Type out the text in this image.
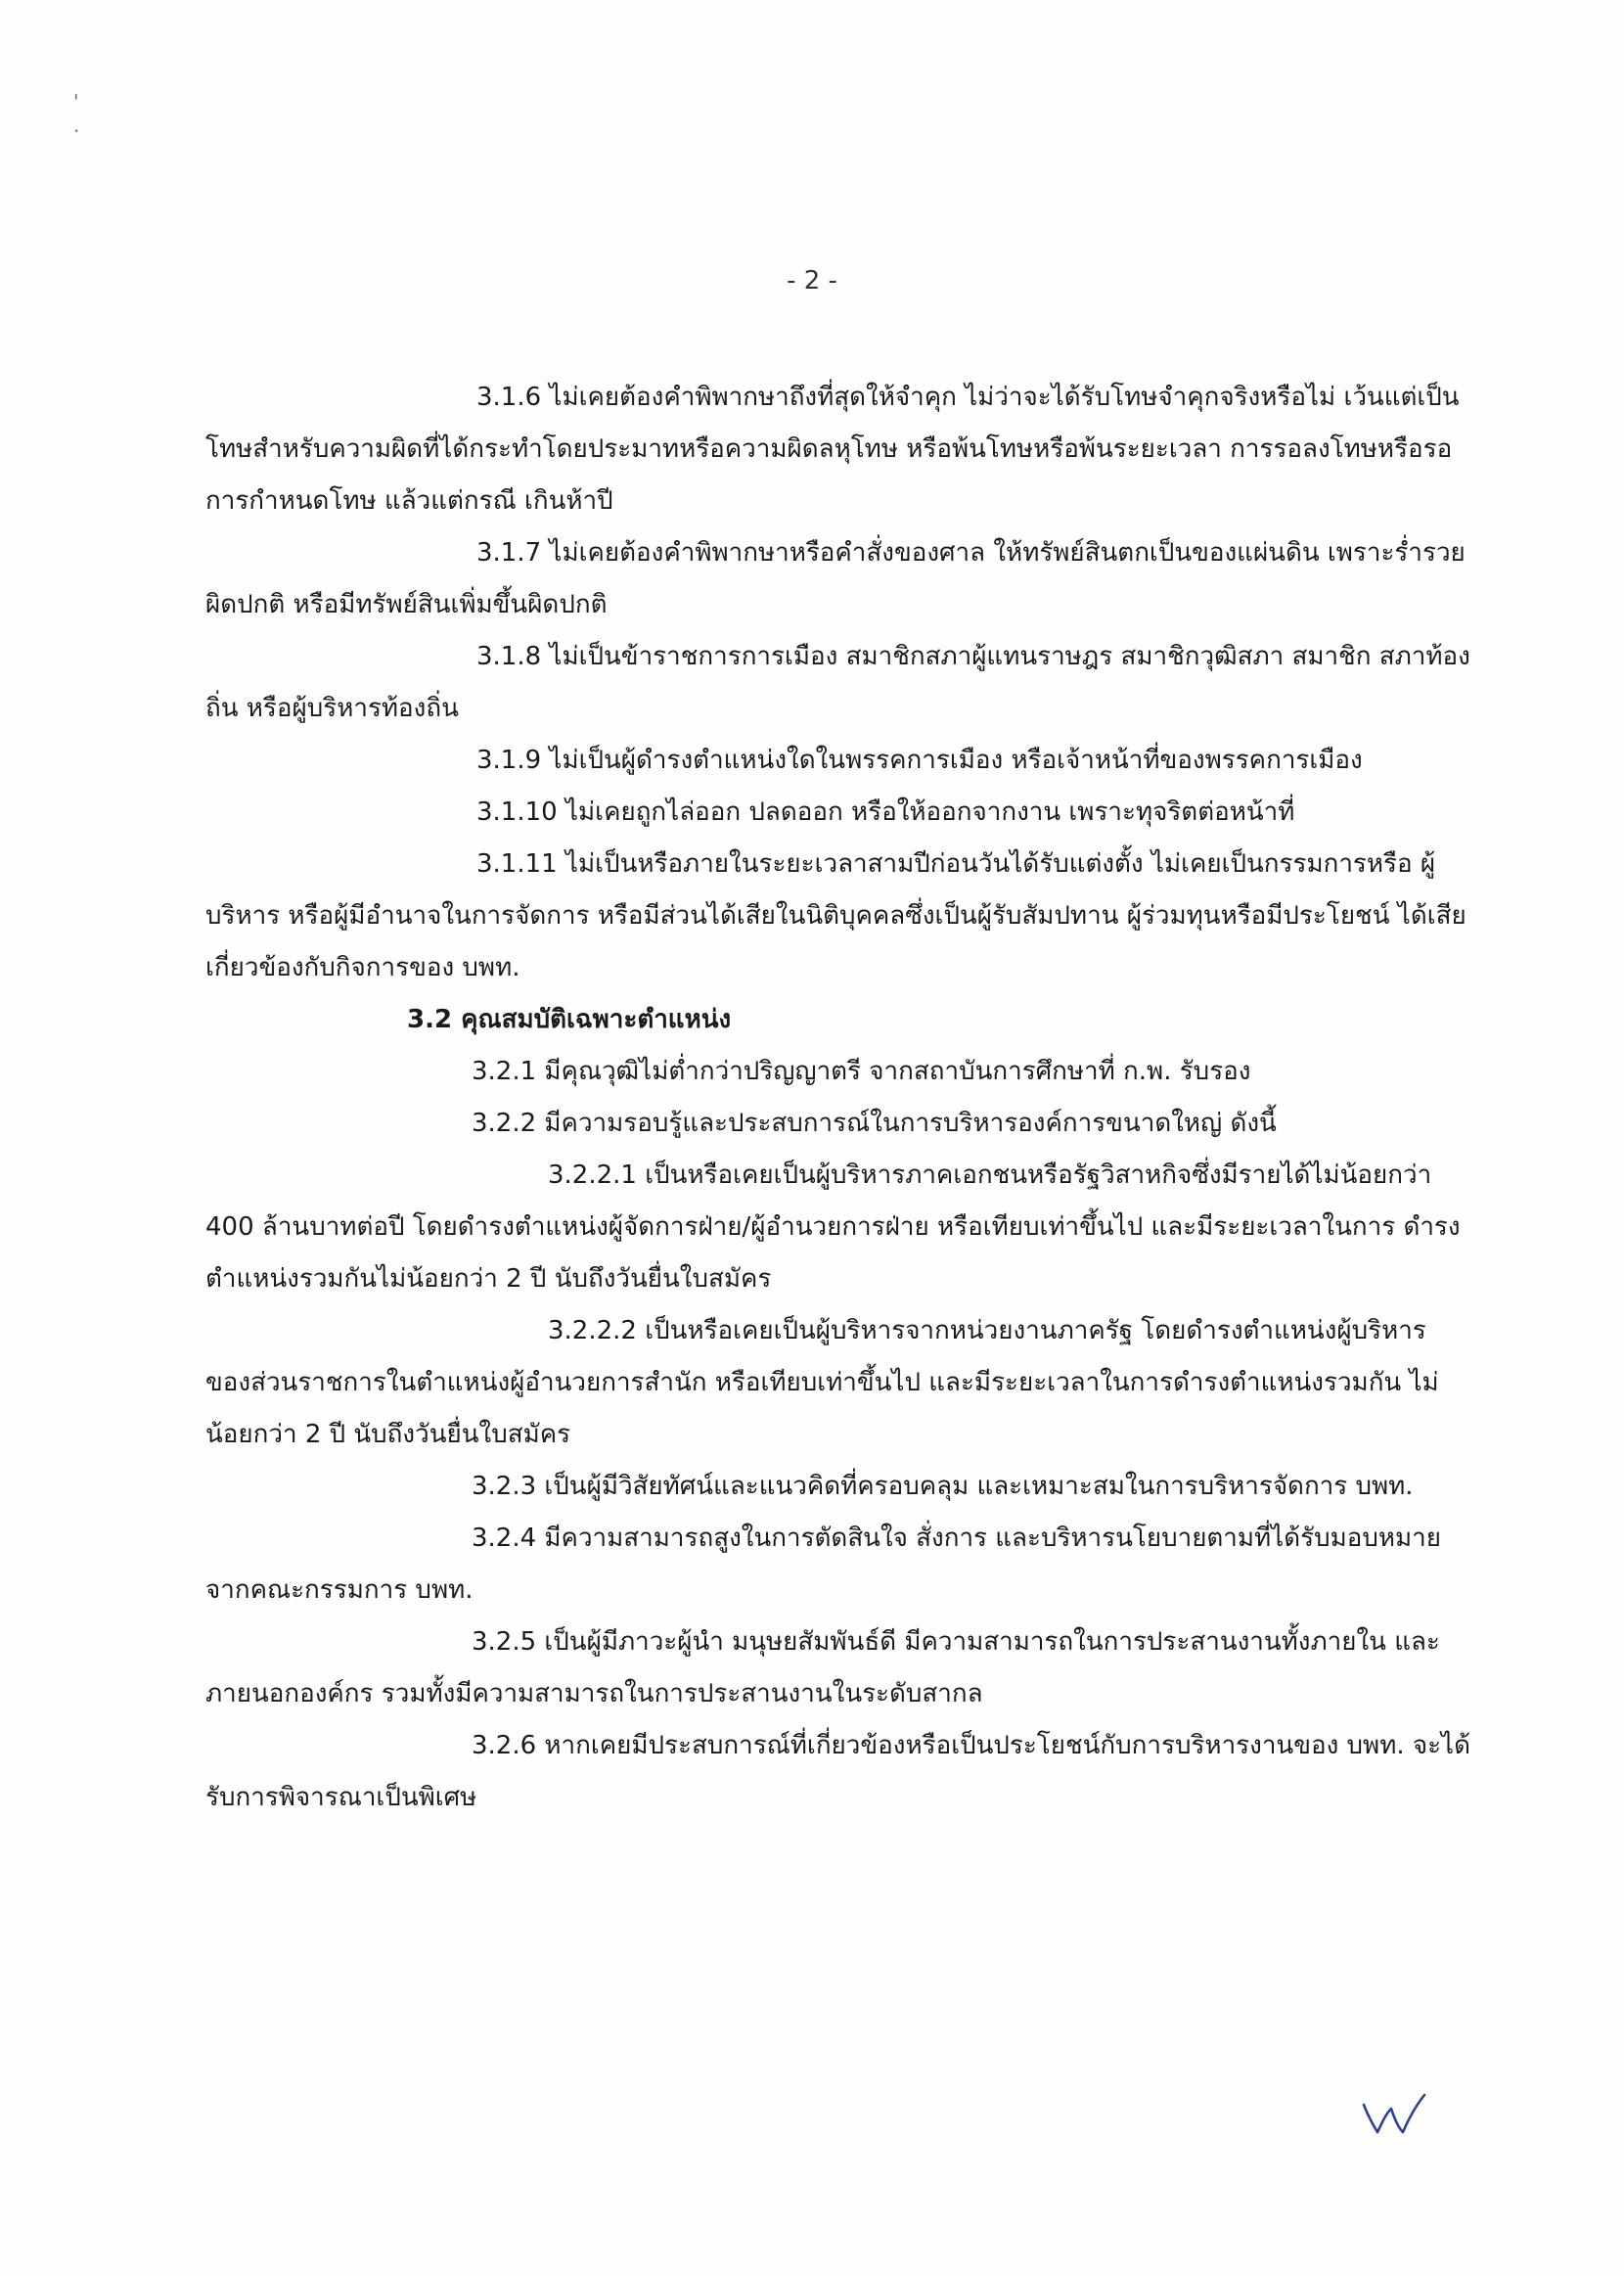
' .
- 2 -

3.1.6 ไม่เคยต้องคำพิพากษาถึงที่สุดให้จำคุก ไม่ว่าจะได้รับโทษจำคุกจริงหรือไม่ เว้นแต่เป็นโทษสำหรับความผิดที่ได้กระทำโดยประมาทหรือความผิดลหุโทษ หรือพ้นโทษหรือพ้นระยะเวลา การรอลงโทษหรือรอการกำหนดโทษ แล้วแต่กรณี เกินห้าปี

3.1.7 ไม่เคยต้องคำพิพากษาหรือคำสั่งของศาล ให้ทรัพย์สินตกเป็นของแผ่นดิน เพราะร่ำรวยผิดปกติ หรือมีทรัพย์สินเพิ่มขึ้นผิดปกติ

3.1.8 ไม่เป็นข้าราชการการเมือง สมาชิกสภาผู้แทนราษฎร สมาชิกวุฒิสภา สมาชิก สภาท้องถิ่น หรือผู้บริหารท้องถิ่น

3.1.9 ไม่เป็นผู้ดำรงตำแหน่งใดในพรรคการเมือง หรือเจ้าหน้าที่ของพรรคการเมือง

3.1.10 ไม่เคยถูกไล่ออก ปลดออก หรือให้ออกจากงาน เพราะทุจริตต่อหน้าที่

3.1.11 ไม่เป็นหรือภายในระยะเวลาสามปีก่อนวันได้รับแต่งตั้ง ไม่เคยเป็นกรรมการหรือ ผู้บริหาร หรือผู้มีอำนาจในการจัดการ หรือมีส่วนได้เสียในนิติบุคคลซึ่งเป็นผู้รับสัมปทาน ผู้ร่วมทุนหรือมีประโยชน์ ได้เสียเกี่ยวข้องกับกิจการของ บพท.

3.2 คุณสมบัติเฉพาะตำแหน่ง

3.2.1 มีคุณวุฒิไม่ต่ำกว่าปริญญาตรี จากสถาบันการศึกษาที่ ก.พ. รับรอง

3.2.2 มีความรอบรู้และประสบการณ์ในการบริหารองค์การขนาดใหญ่ ดังนี้

3.2.2.1 เป็นหรือเคยเป็นผู้บริหารภาคเอกชนหรือรัฐวิสาหกิจซึ่งมีรายได้ไม่น้อยกว่า 400 ล้านบาทต่อปี โดยดำรงตำแหน่งผู้จัดการฝ่าย/ผู้อำนวยการฝ่าย หรือเทียบเท่าขึ้นไป และมีระยะเวลาในการ ดำรงตำแหน่งรวมกันไม่น้อยกว่า 2 ปี นับถึงวันยื่นใบสมัคร

3.2.2.2 เป็นหรือเคยเป็นผู้บริหารจากหน่วยงานภาครัฐ โดยดำรงตำแหน่งผู้บริหาร ของส่วนราชการในตำแหน่งผู้อำนวยการสำนัก หรือเทียบเท่าขึ้นไป และมีระยะเวลาในการดำรงตำแหน่งรวมกัน ไม่น้อยกว่า 2 ปี นับถึงวันยื่นใบสมัคร

3.2.3 เป็นผู้มีวิสัยทัศน์และแนวคิดที่ครอบคลุม และเหมาะสมในการบริหารจัดการ บพท.

3.2.4 มีความสามารถสูงในการตัดสินใจ สั่งการ และบริหารนโยบายตามที่ได้รับมอบหมาย จากคณะกรรมการ บพท.

3.2.5 เป็นผู้มีภาวะผู้นำ มนุษยสัมพันธ์ดี มีความสามารถในการประสานงานทั้งภายใน และภายนอกองค์กร รวมทั้งมีความสามารถในการประสานงานในระดับสากล

3.2.6 หากเคยมีประสบการณ์ที่เกี่ยวข้องหรือเป็นประโยชน์กับการบริหารงานของ บพท. จะได้รับการพิจารณาเป็นพิเศษ
